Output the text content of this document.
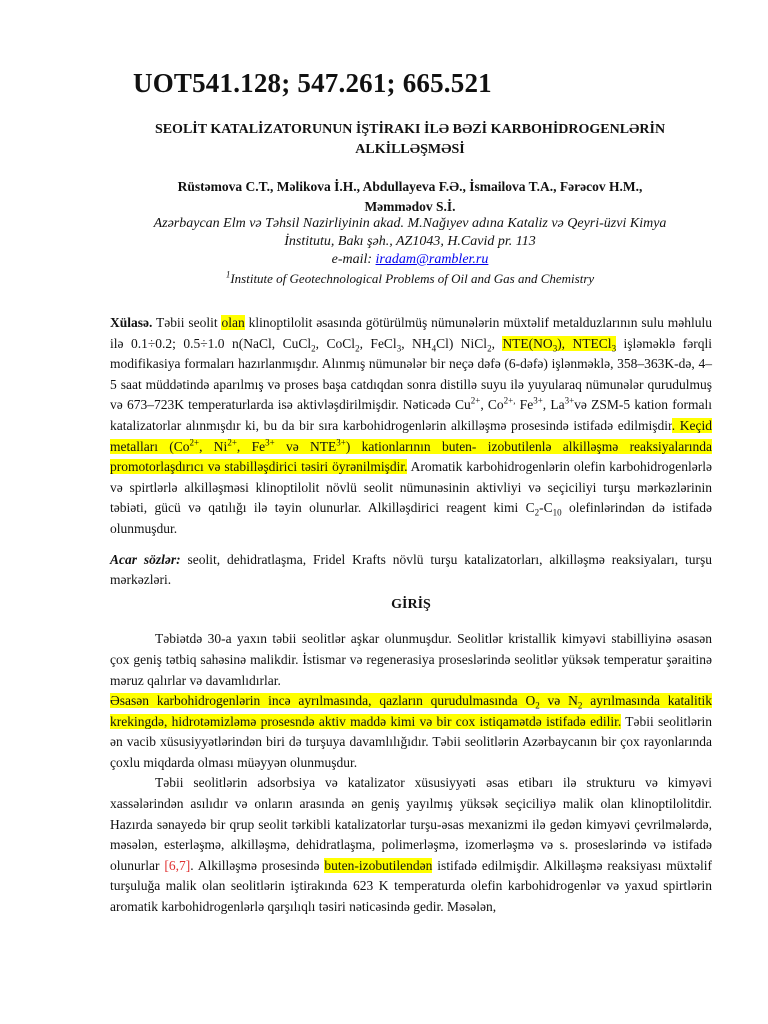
UOT541.128; 547.261; 665.521
SEOLİT KATALİZATORUNUN İŞTİRAKI İLƏ BƏZİ KARBOHİDROGENLƏRİN
ALKİLLƏŞMƏSİ
Rüstəmova C.T., Məlikova İ.H., Abdullayeva F.Ə., İsmailova T.A., Fərəcov H.M.,
Məmmədov S.İ.
Azərbaycan Elm və Təhsil Nazirliyinin akad. M.Nağıyev adına Kataliz və Qeyri-üzvi Kimya
İnstitutu, Bakı şəh., AZ1043, H.Cavid pr. 113
e-mail: iradam@rambler.ru
$^1$Institute of Geotechnological Problems of Oil and Gas and Chemistry

Xülasə. Təbii seolit olan klinoptilolit əsasında götürülmüş nümunələrin müxtəlif metalduzlarının sulu məhlulu ilə 0.1÷0.2; 0.5÷1.0 n(NaCl, CuCl$_2$, CoCl$_2$, FeCl$_3$, $NH_4Cl$) NiCl$_2$, $NTE(NO_3)$, NTECl$_3$ işləməklə fərqli modifikasiya formaları hazırlanmışdır. Alınmış nümunələr bir neçə dəfə (6-dəfə) işlənməklə, 358–363K-də, 4–5 saat müddətində aparılmış və proses başa catdıqdan sonra distillə suyu ilə yuyularaq nümunələr qurudulmuş və 673–723K temperaturlarda isə aktivləşdirilmişdir. Nəticədə $Cu^{2+}$, $Co^{2+,}$ $Fe^{3+}$, $La^{3+}və$ ZSM-5 kation formalı katalizatorlar alınmışdır ki, bu da bir sıra karbohidrogenlərin alkilləşmə prosesində istifadə edilmişdir. Keçid metalları ($Co^{2+}$, $Ni^{2+}$, $Fe^{3+}$ və $NTE^{3+}$) kationlarının buten- izobutilenlə alkilləşmə reaksiyalarında promotorlaşdırıcı və stabilləşdirici təsiri öyrənilmişdir. Aromatik karbohidrogenlərin olefin karbohidrogenlərlə və spirtlərlə alkilləşməsi klinoptilolit növlü seolit nümunəsinin aktivliyi və seçiciliyi turşu mərkəzlərinin təbiəti, gücü və qatılığı ilə təyin olunurlar. Alkilləşdirici reagent kimi $C_2-C_{10}$ olefinlərindən də istifadə olunmuşdur.

Acar sözlər: seolit, dehidratlaşma, Fridel Krafts növlü turşu katalizatorları, alkilləşmə reaksiyaları, turşu mərkəzləri.

GİRİŞ

Təbiətdə 30-a yaxın təbii seolitlər aşkar olunmuşdur. Seolitlər kristallik kimyəvi stabilliyinə əsasən çox geniş tətbiq sahəsinə malikdir. İstismar və regenerasiya proseslərində seolitlər yüksək temperatur şəraitinə məruz qalırlar və davamlıdırlar.

Əsasən karbohidrogenlərin incə ayrılmasında, qazların qurudulmasında $O_2$ və $N_2$ ayrılmasında katalitik krekingdə, hidrotəmizləmə prosesndə aktiv maddə kimi və bir cox istiqamətdə istifadə edilir. Təbii seolitlərin ən vacib xüsusiyyətlərindən biri də turşuya davamlılığıdır. Təbii seolitlərin Azərbaycanın bir çox rayonlarında çoxlu miqdarda olması müəyyən olunmuşdur.

Təbii seolitlərin adsorbsiya və katalizator xüsusiyyəti əsas etibarı ilə strukturu və kimyəvi xassələrindən asılıdır və onların arasında ən geniş yayılmış yüksək seçiciliyə malik olan klinoptilolitdir. Hazırda sənayedə bir qrup seolit tərkibli katalizatorlar turşu-əsas mexanizmi ilə gedən kimyəvi çevrilmələrdə, məsələn, esterləşmə, alkilləşmə, dehidratlaşma, polimerləşmə, izomerləşmə və s. proseslərində və istifadə olunurlar [6,7]. Alkilləşmə prosesində buten-izobutilendən istifadə edilmişdir. Alkilləşmə reaksiyası müxtəlif turşuluğa malik olan seolitlərin iştirakında 623 K temperaturda olefin karbohidrogenlər və yaxud spirtlərin aromatik karbohidrogenlərlə qarşılıqlı təsiri nəticəsində gedir. Məsələn,
